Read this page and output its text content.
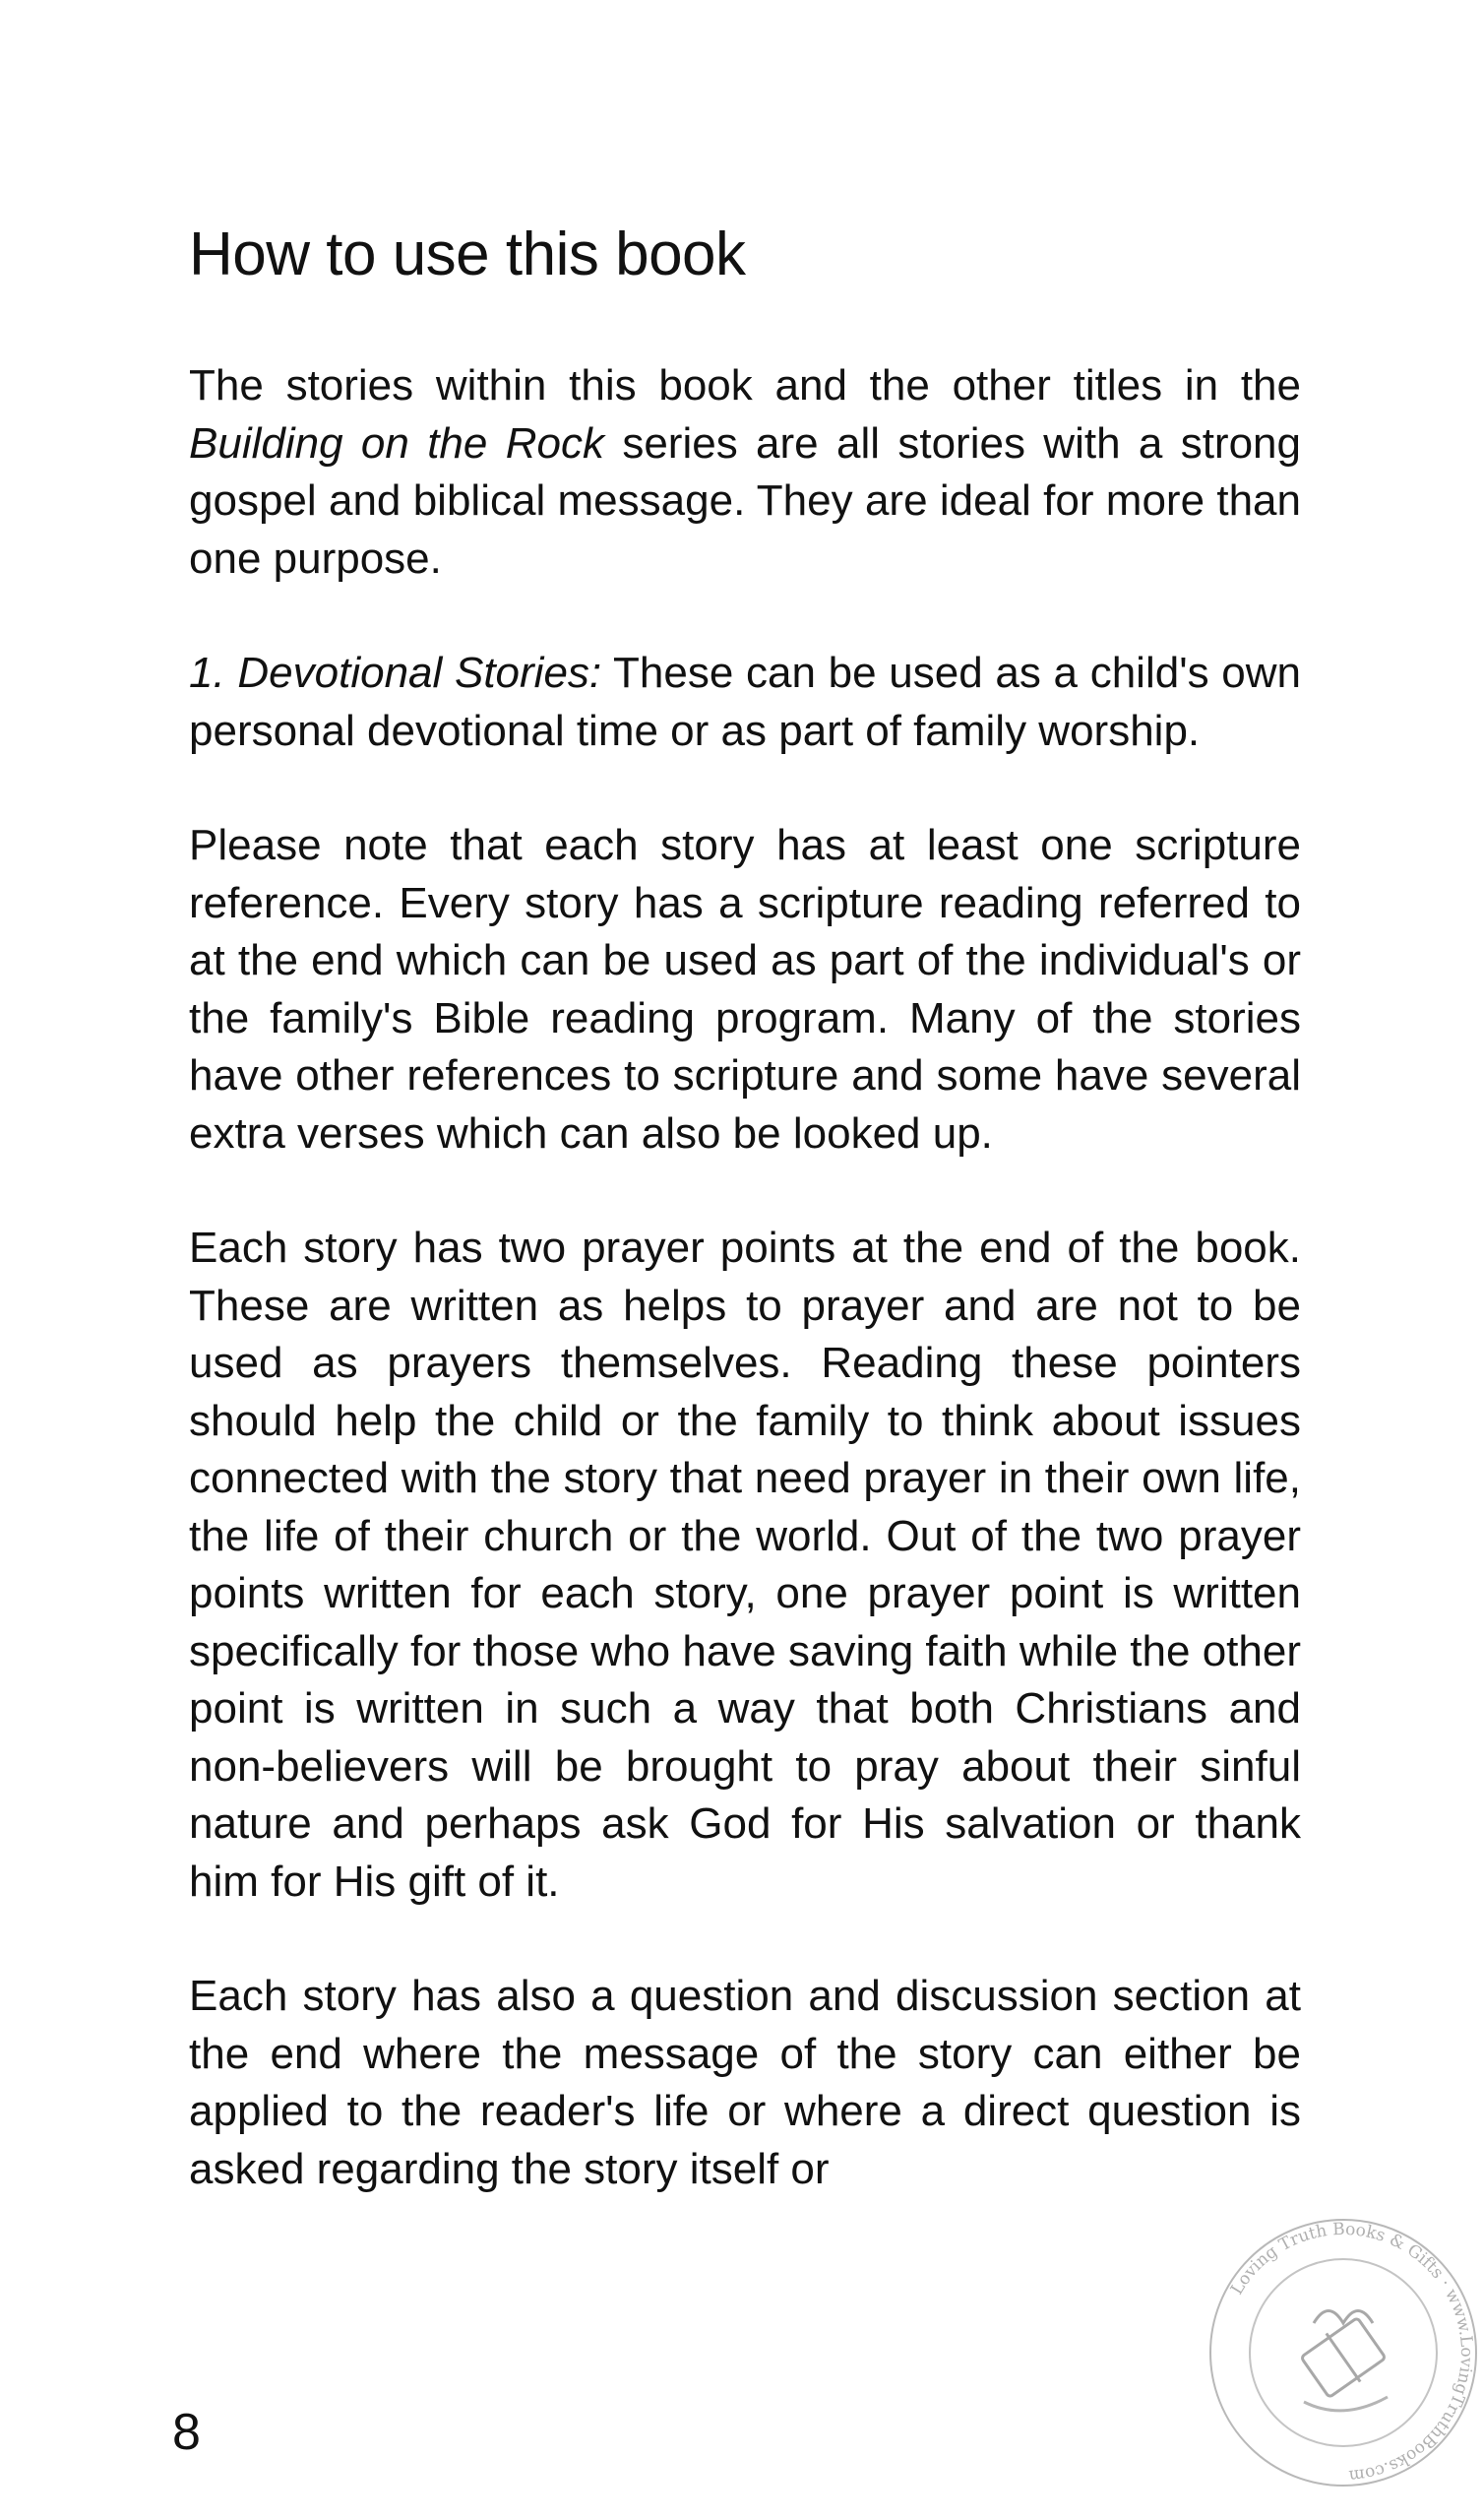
How to use this book

The stories within this book and the other titles in the Building on the Rock series are all stories with a strong gospel and biblical message. They are ideal for more than one purpose.

1. Devotional Stories: These can be used as a child's own personal devotional time or as part of family worship.

Please note that each story has at least one scripture reference. Every story has a scripture reading referred to at the end which can be used as part of the individual's or the family's Bible reading program. Many of the stories have other references to scripture and some have several extra verses which can also be looked up.

Each story has two prayer points at the end of the book. These are written as helps to prayer and are not to be used as prayers themselves. Reading these pointers should help the child or the family to think about issues connected with the story that need prayer in their own life, the life of their church or the world. Out of the two prayer points written for each story, one prayer point is written specifically for those who have saving faith while the other point is written in such a way that both Christians and non-believers will be brought to pray about their sinful nature and perhaps ask God for His salvation or thank him for His gift of it.

Each story has also a question and discussion section at the end where the message of the story can either be applied to the reader's life or where a direct question is asked regarding the story itself or

8
Loving Truth Books & Gifts · www.LovingTruthBooks.com
